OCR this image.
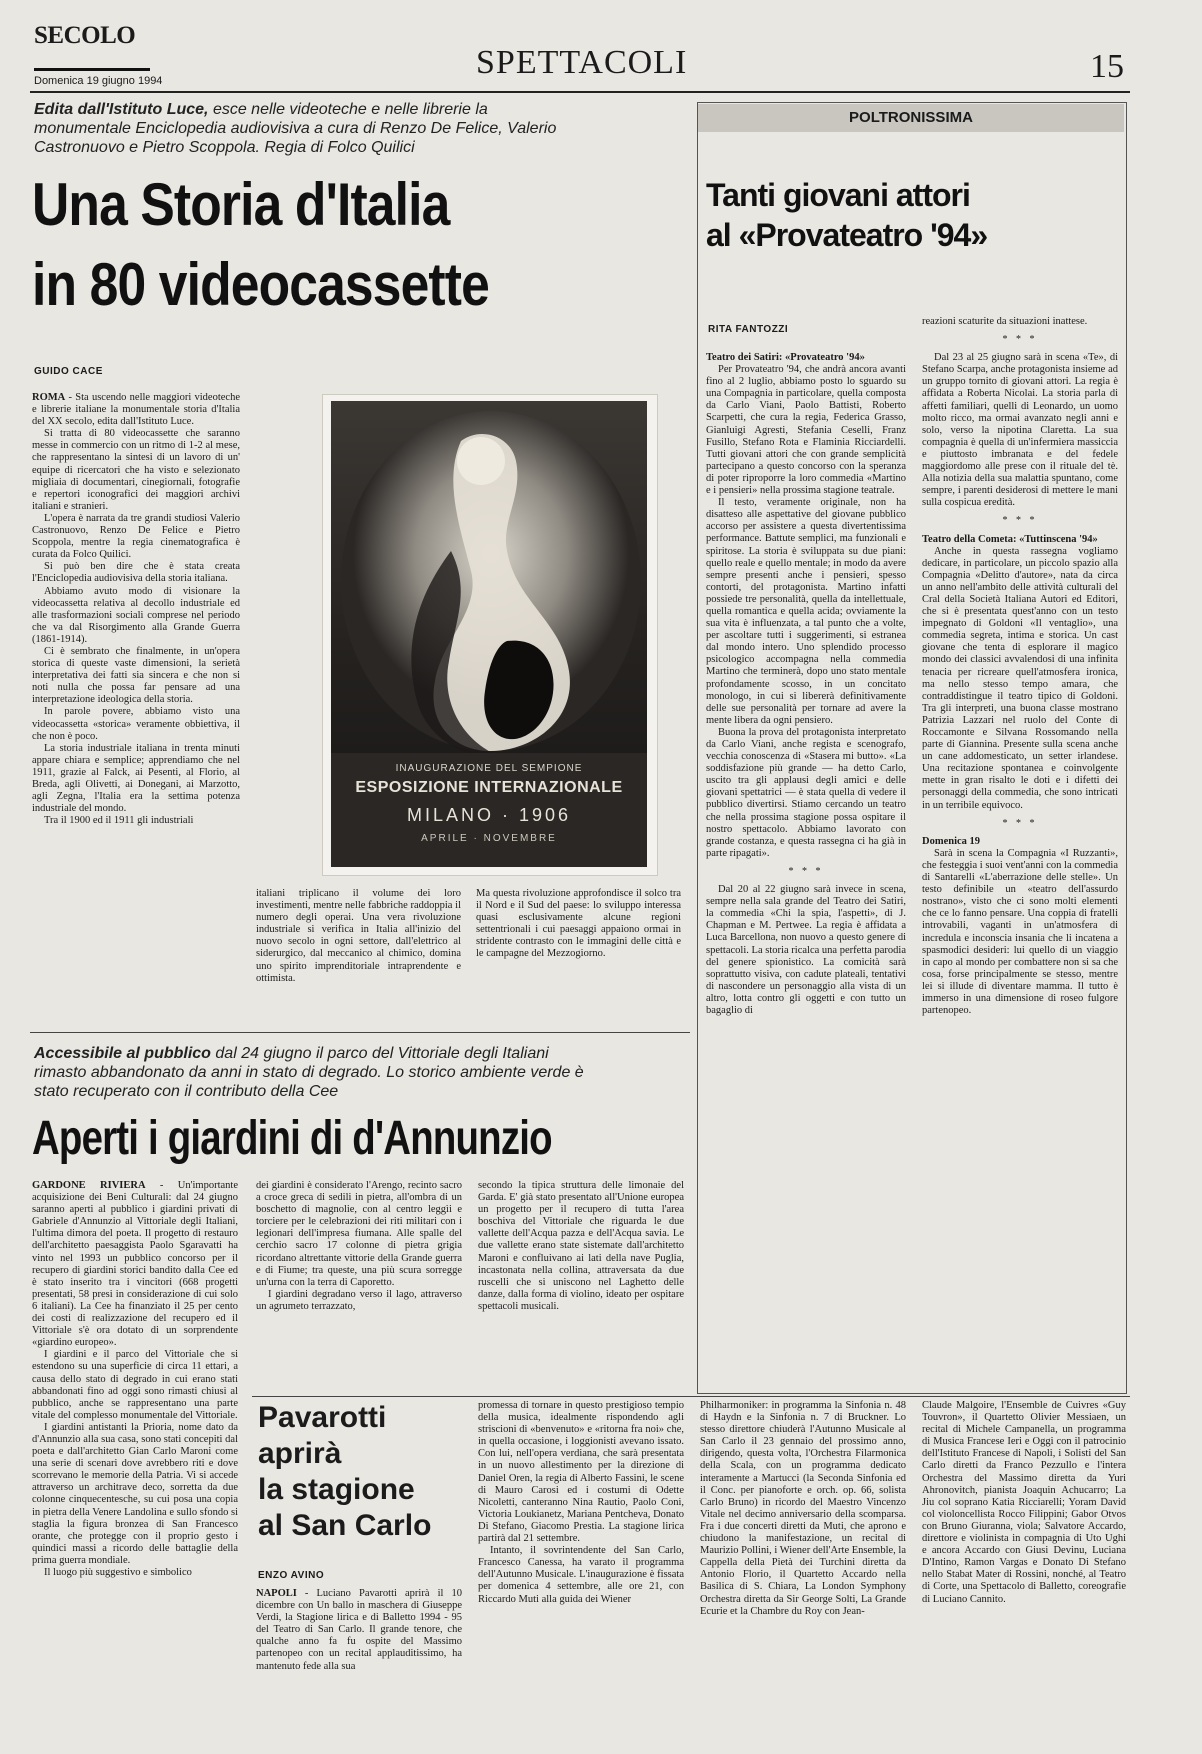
SECOLO
Domenica 19 giugno 1994	SPETTACOLI	15
Edita dall'Istituto Luce, esce nelle videoteche e nelle librerie la monumentale Enciclopedia audiovisiva a cura di Renzo De Felice, Valerio Castronuovo e Pietro Scoppola. Regia di Folco Quilici
Una Storia d'Italia
in 80 videocassette
GUIDO CACE

ROMA - Sta uscendo nelle maggiori videoteche e librerie italiane la monumentale storia d'Italia del XX secolo, edita dall'Istituto Luce.

Si tratta di 80 videocassette che saranno messe in commercio con un ritmo di 1-2 al mese, che rappresentano la sintesi di un lavoro di un' equipe di ricercatori che ha visto e selezionato migliaia di documentari, cinegiornali, fotografie e repertori iconografici dei maggiori archivi italiani e stranieri.

L'opera è narrata da tre grandi studiosi Valerio Castronuovo, Renzo De Felice e Pietro Scoppola, mentre la regia cinematografica è curata da Folco Quilici.

Si può ben dire che è stata creata l'Enciclopedia audiovisiva della storia italiana.

Abbiamo avuto modo di visionare la videocassetta relativa al decollo industriale ed alle trasformazioni sociali comprese nel periodo che va dal Risorgimento alla Grande Guerra (1861-1914).

Ci è sembrato che finalmente, in un'opera storica di queste vaste dimensioni, la serietà interpretativa dei fatti sia sincera e che non si noti nulla che possa far pensare ad una interpretazione ideologica della storia.

In parole povere, abbiamo visto una videocassetta «storica» veramente obbiettiva, il che non è poco.

La storia industriale italiana in trenta minuti appare chiara e semplice; apprendiamo che nel 1911, grazie al Falck, ai Pesenti, al Florio, al Breda, agli Olivetti, ai Donegani, ai Marzotto, agli Zegna, l'Italia era la settima potenza industriale del mondo.

Tra il 1900 ed il 1911 gli industriali

italiani triplicano il volume dei loro investimenti, mentre nelle fabbriche raddoppia il numero degli operai. Una vera rivoluzione industriale si verifica in Italia all'inizio del nuovo secolo in ogni settore, dall'elettrico al siderurgico, dal meccanico al chimico, domina uno spirito imprenditoriale intraprendente e ottimista.

Ma questa rivoluzione approfondisce il solco tra il Nord e il Sud del paese: lo sviluppo interessa quasi esclusivamente alcune regioni settentrionali i cui paesaggi appaiono ormai in stridente contrasto con le immagini delle città e le campagne del Mezzogiorno.

INAUGURAZIONE DEL SEMPIONE
ESPOSIZIONE INTERNAZIONALE
MILANO · 1906
APRILE · NOVEMBRE
POLTRONISSIMA
Tanti giovani attori
al «Provateatro '94»
RITA FANTOZZI

Teatro dei Satiri: «Provateatro '94»

Per Provateatro '94, che andrà ancora avanti fino al 2 luglio, abbiamo posto lo sguardo su una Compagnia in particolare, quella composta da Carlo Viani, Paolo Battisti, Roberto Scarpetti, che cura la regia, Federica Grasso, Gianluigi Agresti, Stefania Ceselli, Franz Fusillo, Stefano Rota e Flaminia Ricciardelli. Tutti giovani attori che con grande semplicità partecipano a questo concorso con la speranza di poter riproporre la loro commedia «Martino e i pensieri» nella prossima stagione teatrale.

Il testo, veramente originale, non ha disatteso alle aspettative del giovane pubblico accorso per assistere a questa divertentissima performance. Battute semplici, ma funzionali e spiritose. La storia è sviluppata su due piani: quello reale e quello mentale; in modo da avere sempre presenti anche i pensieri, spesso contorti, del protagonista. Martino infatti possiede tre personalità, quella da intellettuale, quella romantica e quella acida; ovviamente la sua vita è influenzata, a tal punto che a volte, per ascoltare tutti i suggerimenti, si estranea dal mondo intero. Uno splendido processo psicologico accompagna nella commedia Martino che terminerà, dopo uno stato mentale profondamente scosso, in un concitato monologo, in cui si libererà definitivamente delle sue personalità per tornare ad avere la mente libera da ogni pensiero.

Buona la prova del protagonista interpretato da Carlo Viani, anche regista e scenografo, vecchia conoscenza di «Stasera mi butto». «La soddisfazione più grande — ha detto Carlo, uscito tra gli applausi degli amici e delle giovani spettatrici — è stata quella di vedere il pubblico divertirsi. Stiamo cercando un teatro che nella prossima stagione possa ospitare il nostro spettacolo. Abbiamo lavorato con grande costanza, e questa rassegna ci ha già in parte ripagati».

* * *

Dal 20 al 22 giugno sarà invece in scena, sempre nella sala grande del Teatro dei Satiri, la commedia «Chi la spia, l'aspetti», di J. Chapman e M. Pertwee. La regia è affidata a Luca Barcellona, non nuovo a questo genere di spettacoli. La storia ricalca una perfetta parodia del genere spionistico. La comicità sarà soprattutto visiva, con cadute plateali, tentativi di nascondere un personaggio alla vista di un altro, lotta contro gli oggetti e con tutto un bagaglio di

reazioni scaturite da situazioni inattese.

* * *

Dal 23 al 25 giugno sarà in scena «Te», di Stefano Scarpa, anche protagonista insieme ad un gruppo tornito di giovani attori. La regia è affidata a Roberta Nicolai. La storia parla di affetti familiari, quelli di Leonardo, un uomo molto ricco, ma ormai avanzato negli anni e solo, verso la nipotina Claretta. La sua compagnia è quella di un'infermiera massiccia e piuttosto imbranata e del fedele maggiordomo alle prese con il rituale del tè. Alla notizia della sua malattia spuntano, come sempre, i parenti desiderosi di mettere le mani sulla cospicua eredità.

* * *

Teatro della Cometa: «Tuttinscena '94»

Anche in questa rassegna vogliamo dedicare, in particolare, un piccolo spazio alla Compagnia «Delitto d'autore», nata da circa un anno nell'ambito delle attività culturali del Cral della Società Italiana Autori ed Editori, che si è presentata quest'anno con un testo impegnato di Goldoni «Il ventaglio», una commedia segreta, intima e storica. Un cast giovane che tenta di esplorare il magico mondo dei classici avvalendosi di una infinita tenacia per ricreare quell'atmosfera ironica, ma nello stesso tempo amara, che contraddistingue il teatro tipico di Goldoni. Tra gli interpreti, una buona classe mostrano Patrizia Lazzari nel ruolo del Conte di Roccamonte e Silvana Rossomando nella parte di Giannina. Presente sulla scena anche un cane addomesticato, un setter irlandese. Una recitazione spontanea e coinvolgente mette in gran risalto le doti e i difetti dei personaggi della commedia, che sono intricati in un terribile equivoco.

* * *

Domenica 19

Sarà in scena la Compagnia «I Ruzzanti», che festeggia i suoi vent'anni con la commedia di Santarelli «L'aberrazione delle stelle». Un testo definibile un «teatro dell'assurdo nostrano», visto che ci sono molti elementi che ce lo fanno pensare. Una coppia di fratelli introvabili, vaganti in un'atmosfera di incredula e inconscia insania che li incatena a spasmodici desideri: lui quello di un viaggio in capo al mondo per combattere non si sa che cosa, forse principalmente se stesso, mentre lei si illude di diventare mamma. Il tutto è immerso in una dimensione di roseo fulgore partenopeo.

Accessibile al pubblico dal 24 giugno il parco del Vittoriale degli Italiani rimasto abbandonato da anni in stato di degrado. Lo storico ambiente verde è stato recuperato con il contributo della Cee
Aperti i giardini di d'Annunzio

GARDONE RIVIERA - Un'importante acquisizione dei Beni Culturali: dal 24 giugno saranno aperti al pubblico i giardini privati di Gabriele d'Annunzio al Vittoriale degli Italiani, l'ultima dimora del poeta. Il progetto di restauro dell'architetto paesaggista Paolo Sgaravatti ha vinto nel 1993 un pubblico concorso per il recupero di giardini storici bandito dalla Cee ed è stato inserito tra i vincitori (668 progetti presentati, 58 presi in considerazione di cui solo 6 italiani). La Cee ha finanziato il 25 per cento dei costi di realizzazione del recupero ed il Vittoriale s'è ora dotato di un sorprendente «giardino europeo».

I giardini e il parco del Vittoriale che si estendono su una superficie di circa 11 ettari, a causa dello stato di degrado in cui erano stati abbandonati fino ad oggi sono rimasti chiusi al pubblico, anche se rappresentano una parte vitale del complesso monumentale del Vittoriale.

I giardini antistanti la Prioria, nome dato da d'Annunzio alla sua casa, sono stati concepiti dal poeta e dall'architetto Gian Carlo Maroni come una serie di scenari dove avrebbero riti e dove scorrevano le memorie della Patria. Vi si accede attraverso un architrave deco, sorretta da due colonne cinquecentesche, su cui posa una copia in pietra della Venere Landolina e sullo sfondo si staglia la figura bronzea di San Francesco orante, che protegge con il proprio gesto i quindici massi a ricordo delle battaglie della prima guerra mondiale.

Il luogo più suggestivo e simbolico

dei giardini è considerato l'Arengo, recinto sacro a croce greca di sedili in pietra, all'ombra di un boschetto di magnolie, con al centro leggìi e torciere per le celebrazioni dei riti militari con i legionari dell'impresa fiumana. Alle spalle del cerchio sacro 17 colonne di pietra grigia ricordano altrettante vittorie della Grande guerra e di Fiume; tra queste, una più scura sorregge un'urna con la terra di Caporetto.

I giardini degradano verso il lago, attraverso un agrumeto terrazzato,

secondo la tipica struttura delle limonaie del Garda. E' già stato presentato all'Unione europea un progetto per il recupero di tutta l'area boschiva del Vittoriale che riguarda le due vallette dell'Acqua pazza e dell'Acqua savia. Le due vallette erano state sistemate dall'architetto Maroni e confluivano ai lati della nave Puglia, incastonata nella collina, attraversata da due ruscelli che si uniscono nel Laghetto delle danze, dalla forma di violino, ideato per ospitare spettacoli musicali.

Pavarotti
aprirà
la stagione
al San Carlo
ENZO AVINO

NAPOLI - Luciano Pavarotti aprirà il 10 dicembre con Un ballo in maschera di Giuseppe Verdi, la Stagione lirica e di Balletto 1994 - 95 del Teatro di San Carlo. Il grande tenore, che qualche anno fa fu ospite del Massimo partenopeo con un recital applauditissimo, ha mantenuto fede alla sua

promessa di tornare in questo prestigioso tempio della musica, idealmente rispondendo agli striscioni di «benvenuto» e «ritorna fra noi» che, in quella occasione, i loggionisti avevano issato. Con lui, nell'opera verdiana, che sarà presentata in un nuovo allestimento per la direzione di Daniel Oren, la regia di Alberto Fassini, le scene di Mauro Carosi ed i costumi di Odette Nicoletti, canteranno Nina Rautio, Paolo Coni, Victoria Loukianetz, Mariana Pentcheva, Donato Di Stefano, Giacomo Prestia. La stagione lirica partirà dal 21 settembre.

Intanto, il sovrintendente del San Carlo, Francesco Canessa, ha varato il programma dell'Autunno Musicale. L'inaugurazione è fissata per domenica 4 settembre, alle ore 21, con Riccardo Muti alla guida dei Wiener

Philharmoniker: in programma la Sinfonia n. 48 di Haydn e la Sinfonia n. 7 di Bruckner. Lo stesso direttore chiuderà l'Autunno Musicale al San Carlo il 23 gennaio del prossimo anno, dirigendo, questa volta, l'Orchestra Filarmonica della Scala, con un programma dedicato interamente a Martucci (la Seconda Sinfonia ed il Conc. per pianoforte e orch. op. 66, solista Carlo Bruno) in ricordo del Maestro Vincenzo Vitale nel decimo anniversario della scomparsa. Fra i due concerti diretti da Muti, che aprono e chiudono la manifestazione, un recital di Maurizio Pollini, i Wiener dell'Arte Ensemble, la Cappella della Pietà dei Turchini diretta da Antonio Florio, il Quartetto Accardo nella Basilica di S. Chiara, La London Symphony Orchestra diretta da Sir George Solti, La Grande Ecurie et la Chambre du Roy con Jean-

Claude Malgoire, l'Ensemble de Cuivres «Guy Touvron», il Quartetto Olivier Messiaen, un recital di Michele Campanella, un programma di Musica Francese Ieri e Oggi con il patrocinio dell'Istituto Francese di Napoli, i Solisti del San Carlo diretti da Franco Pezzullo e l'intera Orchestra del Massimo diretta da Yuri Ahronovitch, pianista Joaquin Achucarro; La Jiu col soprano Katia Ricciarelli; Yoram David col violoncellista Rocco Filippini; Gabor Otvos con Bruno Giuranna, viola; Salvatore Accardo, direttore e violinista in compagnia di Uto Ughi e ancora Accardo con Giusi Devinu, Luciana D'Intino, Ramon Vargas e Donato Di Stefano nello Stabat Mater di Rossini, nonché, al Teatro di Corte, una Spettacolo di Balletto, coreografie di Luciano Cannito.
